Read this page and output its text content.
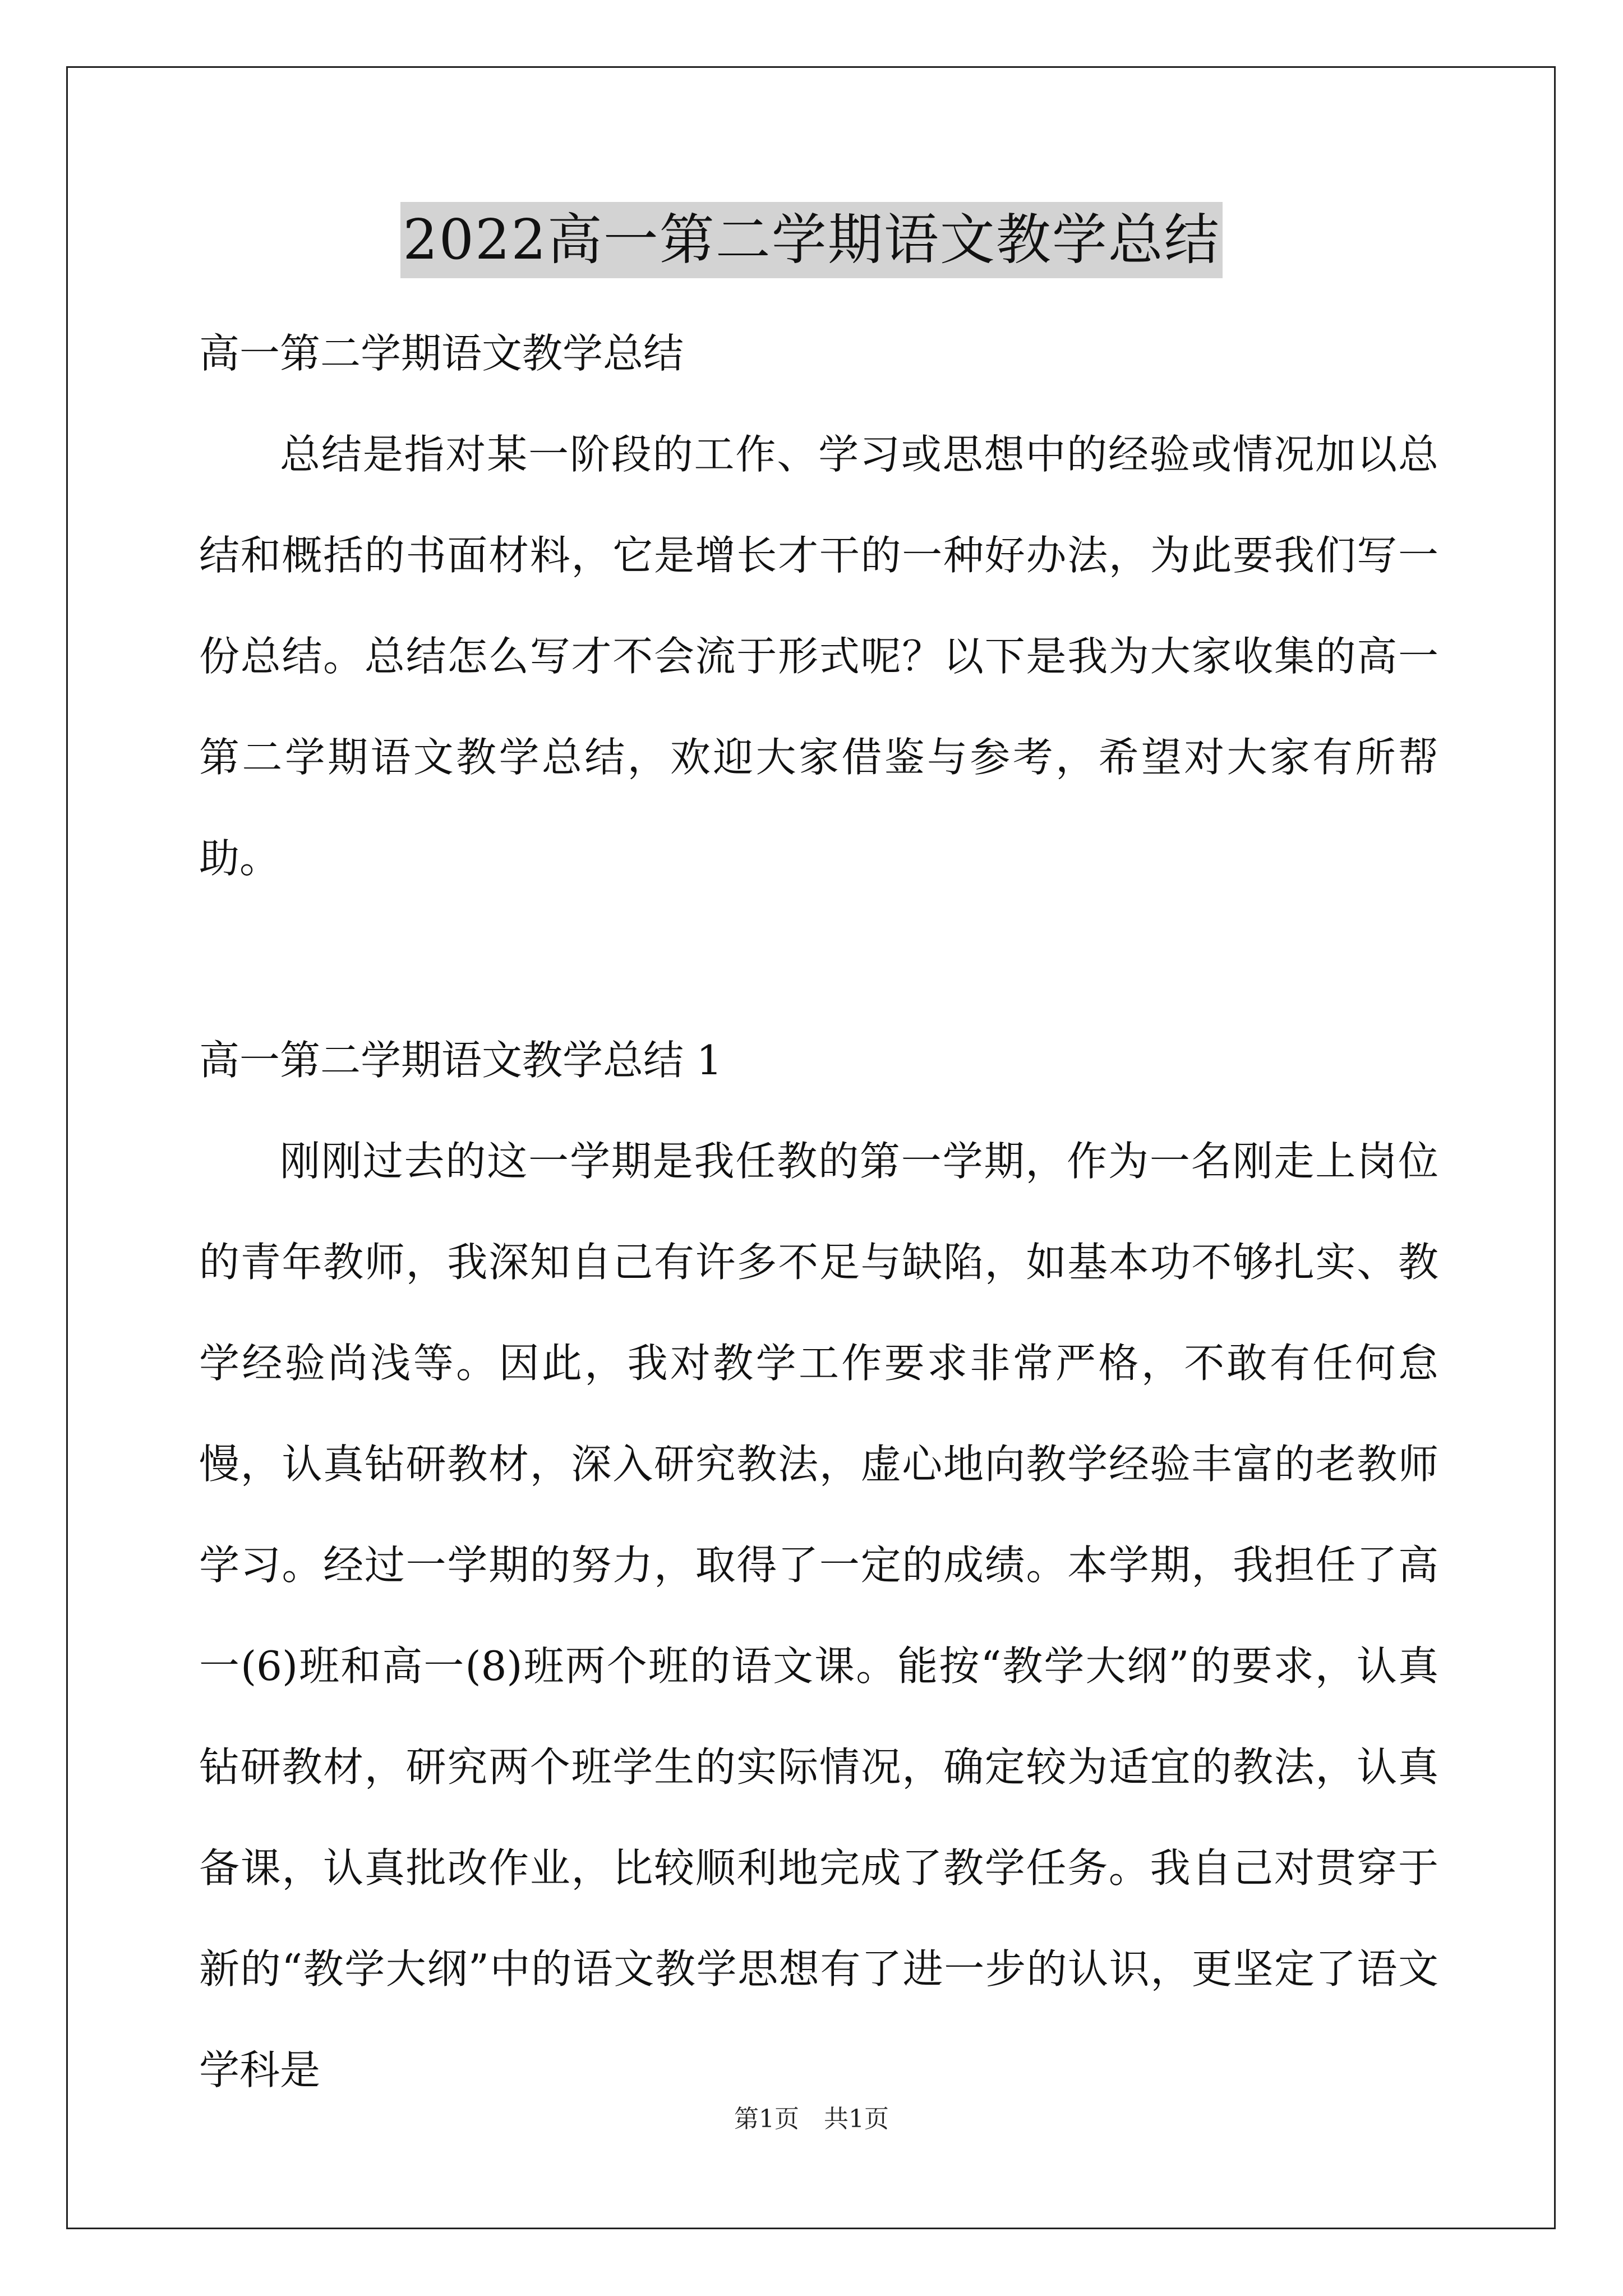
2022高一第二学期语文教学总结

高一第二学期语文教学总结

总结是指对某一阶段的工作、学习或思想中的经验或情况加以总结和概括的书面材料，它是增长才干的一种好办法，为此要我们写一份总结。总结怎么写才不会流于形式呢？以下是我为大家收集的高一第二学期语文教学总结，欢迎大家借鉴与参考，希望对大家有所帮助。

高一第二学期语文教学总结 1

刚刚过去的这一学期是我任教的第一学期，作为一名刚走上岗位的青年教师，我深知自己有许多不足与缺陷，如基本功不够扎实、教学经验尚浅等。因此，我对教学工作要求非常严格，不敢有任何怠慢，认真钻研教材，深入研究教法，虚心地向教学经验丰富的老教师学习。经过一学期的努力，取得了一定的成绩。本学期，我担任了高一(6)班和高一(8)班两个班的语文课。能按“教学大纲”的要求，认真钻研教材，研究两个班学生的实际情况，确定较为适宜的教法，认真备课，认真批改作业，比较顺利地完成了教学任务。我自己对贯穿于新的“教学大纲”中的语文教学思想有了进一步的认识，更坚定了语文学科是

第1页 共1页
